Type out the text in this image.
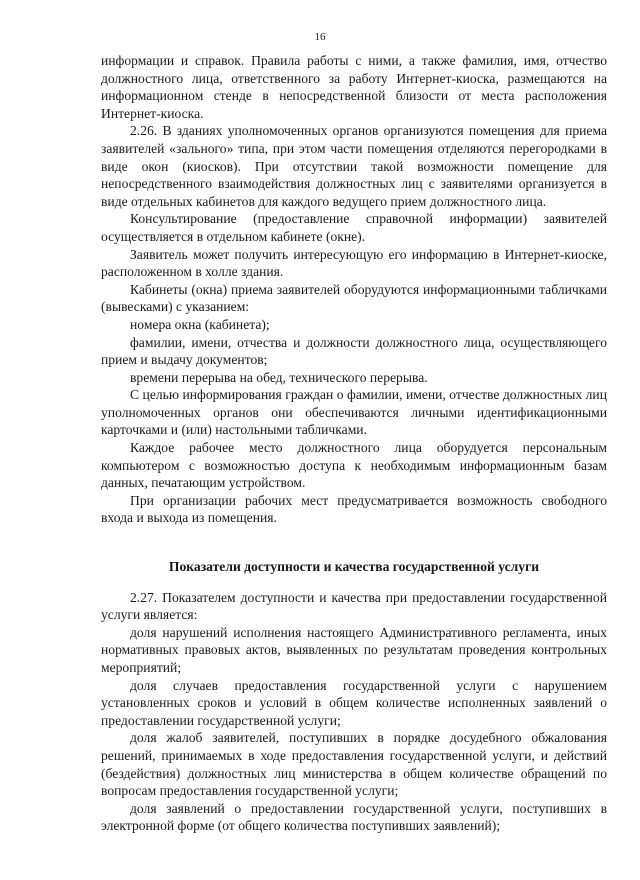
16

информации и справок. Правила работы с ними, а также фамилия, имя, отчество должностного лица, ответственного за работу Интернет-киоска, размещаются на информационном стенде в непосредственной близости от места расположения Интернет-киоска.

2.26. В зданиях уполномоченных органов организуются помещения для приема заявителей «зального» типа, при этом части помещения отделяются перегородками в виде окон (киосков). При отсутствии такой возможности помещение для непосредственного взаимодействия должностных лиц с заявителями организуется в виде отдельных кабинетов для каждого ведущего прием должностного лица.

Консультирование (предоставление справочной информации) заявителей осуществляется в отдельном кабинете (окне).

Заявитель может получить интересующую его информацию в Интернет-киоске, расположенном в холле здания.

Кабинеты (окна) приема заявителей оборудуются информационными табличками (вывесками) с указанием:

номера окна (кабинета);

фамилии, имени, отчества и должности должностного лица, осуществляющего прием и выдачу документов;

времени перерыва на обед, технического перерыва.

С целью информирования граждан о фамилии, имени, отчестве должностных лиц уполномоченных органов они обеспечиваются личными идентификационными карточками и (или) настольными табличками.

Каждое рабочее место должностного лица оборудуется персональным компьютером с возможностью доступа к необходимым информационным базам данных, печатающим устройством.

При организации рабочих мест предусматривается возможность свободного входа и выхода из помещения.

Показатели доступности и качества государственной услуги

2.27. Показателем доступности и качества при предоставлении государственной услуги является:

доля нарушений исполнения настоящего Административного регламента, иных нормативных правовых актов, выявленных по результатам проведения контрольных мероприятий;

доля случаев предоставления государственной услуги с нарушением установленных сроков и условий в общем количестве исполненных заявлений о предоставлении государственной услуги;

доля жалоб заявителей, поступивших в порядке досудебного обжалования решений, принимаемых в ходе предоставления государственной услуги, и действий (бездействия) должностных лиц министерства в общем количестве обращений по вопросам предоставления государственной услуги;

доля заявлений о предоставлении государственной услуги, поступивших в электронной форме (от общего количества поступивших заявлений);
